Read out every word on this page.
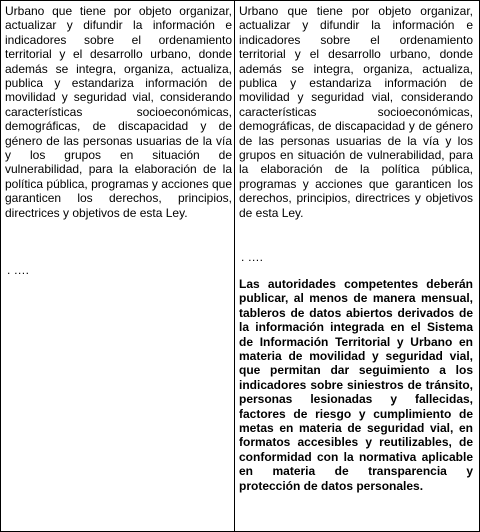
Urbano que tiene por objeto organizar, actualizar y difundir la información e indicadores sobre el ordenamiento territorial y el desarrollo urbano, donde además se integra, organiza, actualiza, publica y estandariza información de movilidad y seguridad vial, considerando características socioeconómicas, demográficas, de discapacidad y de género de las personas usuarias de la vía y los grupos en situación de vulnerabilidad, para la elaboración de la política pública, programas y acciones que garanticen los derechos, principios, directrices y objetivos de esta Ley.
. ….
Urbano que tiene por objeto organizar, actualizar y difundir la información e indicadores sobre el ordenamiento territorial y el desarrollo urbano, donde además se integra, organiza, actualiza, publica y estandariza información de movilidad y seguridad vial, considerando características socioeconómicas, demográficas, de discapacidad y de género de las personas usuarias de la vía y los grupos en situación de vulnerabilidad, para la elaboración de la política pública, programas y acciones que garanticen los derechos, principios, directrices y objetivos de esta Ley.
. ….
Las autoridades competentes deberán publicar, al menos de manera mensual, tableros de datos abiertos derivados de la información integrada en el Sistema de Información Territorial y Urbano en materia de movilidad y seguridad vial, que permitan dar seguimiento a los indicadores sobre siniestros de tránsito, personas lesionadas y fallecidas, factores de riesgo y cumplimiento de metas en materia de seguridad vial, en formatos accesibles y reutilizables, de conformidad con la normativa aplicable en materia de transparencia y protección de datos personales.
